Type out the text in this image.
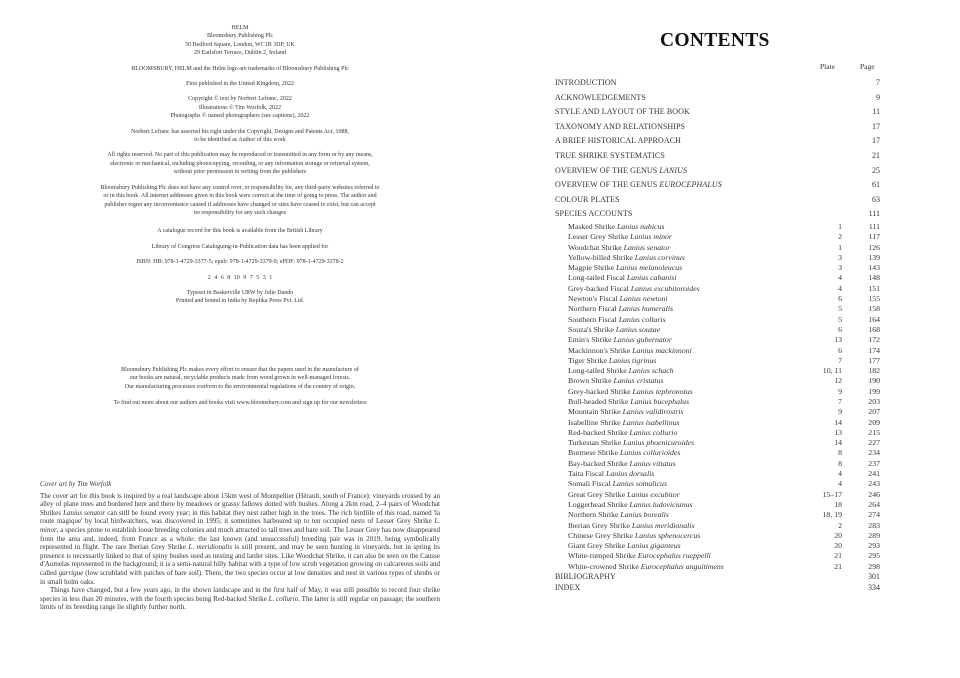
HELM
Bloomsbury Publishing Plc
50 Bedford Square, London, WC1B 3DP, UK
29 Earlsfort Terrace, Dublin 2, Ireland
BLOOMSBURY, HELM and the Helm logo are trademarks of Bloomsbury Publishing Plc
First published in the United Kingdom, 2022
Copyright © text by Norbert Lefranc, 2022
Illustrations © Tim Worfolk, 2022
Photographs © named photographers (see captions), 2022
Norbert Lefranc has asserted his right under the Copyright, Designs and Patents Act, 1988,
to be identified as Author of this work
All rights reserved. No part of this publication may be reproduced or transmitted in any form or by any means,
electronic or mechanical, including photocopying, recording, or any information storage or retrieval system,
without prior permission in writing from the publishers
Bloomsbury Publishing Plc does not have any control over, or responsibility for, any third-party websites referred to
or in this book. All internet addresses given in this book were correct at the time of going to press. The author and
publisher regret any inconvenience caused if addresses have changed or sites have ceased to exist, but can accept
no responsibility for any such changes
A catalogue record for this book is available from the British Library
Library of Congress Cataloguing-in-Publication data has been applied for
ISBN: HB: 978-1-4729-3377-5; epub: 978-1-4729-3379-9; ePDF: 978-1-4729-3378-2
2 4 6 8 10 9 7 5 3 1
Typeset in Baskerville URW by Julie Dando
Printed and bound in India by Replika Press Pvt. Ltd.
Bloomsbury Publishing Plc makes every effort to ensure that the papers used in the manufacture of
our books are natural, recyclable products made from wood grown in well-managed forests.
Our manufacturing processes conform to the environmental regulations of the country of origin.
To find out more about our authors and books visit www.bloomsbury.com and sign up for our newsletters
Cover art by Tim Worfolk

The cover art for this book is inspired by a real landscape about 15km west of Montpellier (Hérault, south of France): vineyards crossed by an alley of plane trees and bordered here and there by meadows or grassy fallows dotted with bushes. Along a 2km road, 2–4 pairs of Woodchat Shrikes Lanius senator can still be found every year; in this habitat they nest rather high in the trees. The rich birdlife of this road, named 'la route magique' by local birdwatchers, was discovered in 1995; it sometimes harboured up to ten occupied nests of Lesser Grey Shrike L. minor, a species prone to establish loose breeding colonies and much attracted to tall trees and bare soil. The Lesser Grey has now disappeared from the area and, indeed, from France as a whole: the last known (and unsuccessful) breeding pair was in 2019, being symbolically represented in flight. The rare Iberian Grey Shrike L. meridionalis is still present, and may be seen hunting in vineyards, but in spring its presence is necessarily linked to that of spiny bushes used as nesting and larder sites. Like Woodchat Shrike, it can also be seen on the Causse d'Aumelas represented in the background; it is a semi-natural hilly habitat with a type of low scrub vegetation growing on calcareous soils and called garrigue (low scrubland with patches of bare soil). There, the two species occur at low densities and nest in various types of shrubs or in small holm oaks.

Things have changed, but a few years ago, in the shown landscape and in the first half of May, it was still possible to record four shrike species in less than 20 minutes, with the fourth species being Red-backed Shrike L. collurio. The latter is still regular on passage; the southern limits of its breeding range lie slightly further north.

CONTENTS
Plate	Page
INTRODUCTION	7
ACKNOWLEDGEMENTS	9
STYLE AND LAYOUT OF THE BOOK	11
TAXONOMY AND RELATIONSHIPS	17
A BRIEF HISTORICAL APPROACH	17
TRUE SHRIKE SYSTEMATICS	21
OVERVIEW OF THE GENUS LANIUS	25
OVERVIEW OF THE GENUS EUROCEPHALUS	61
COLOUR PLATES	63
SPECIES ACCOUNTS	111
Masked Shrike Lanius nubicus	1	111
Lesser Grey Shrike Lanius minor	2	117
Woodchat Shrike Lanius senator	1	126
Yellow-billed Shrike Lanius corvinus	3	139
Magpie Shrike Lanius melanoleucus	3	143
Long-tailed Fiscal Lanius cabanisi	4	148
Grey-backed Fiscal Lanius excubitoroides	4	151
Newton's Fiscal Lanius newtoni	6	155
Northern Fiscal Lanius humeralis	5	158
Southern Fiscal Lanius collaris	5	164
Souza's Shrike Lanius souzae	6	168
Emin's Shrike Lanius gubernator	13	172
Mackinnon's Shrike Lanius mackinnoni	6	174
Tiger Shrike Lanius tigrinus	7	177
Long-tailed Shrike Lanius schach	10, 11	182
Brown Shrike Lanius cristatus	12	190
Grey-backed Shrike Lanius tephronotus	9	199
Bull-headed Shrike Lanius bucephalus	7	203
Mountain Shrike Lanius validirostris	9	207
Isabelline Shrike Lanius isabellinus	14	209
Red-backed Shrike Lanius collurio	13	215
Turkestan Shrike Lanius phoenicuroides	14	227
Burmese Shrike Lanius collurioides	8	234
Bay-backed Shrike Lanius vittatus	8	237
Taita Fiscal Lanius dorsalis	4	241
Somali Fiscal Lanius somalicus	4	243
Great Grey Shrike Lanius excubitor	15–17	246
Loggerhead Shrike Lanius ludovicianus	18	264
Northern Shrike Lanius borealis	18, 19	274
Iberian Grey Shrike Lanius meridionalis	2	283
Chinese Grey Shrike Lanius sphenocercus	20	289
Giant Grey Shrike Lanius giganteus	20	293
White-rumped Shrike Eurocephalus rueppelli	21	295
White-crowned Shrike Eurocephalus anguitimens	21	298
BIBLIOGRAPHY	301
INDEX	334
